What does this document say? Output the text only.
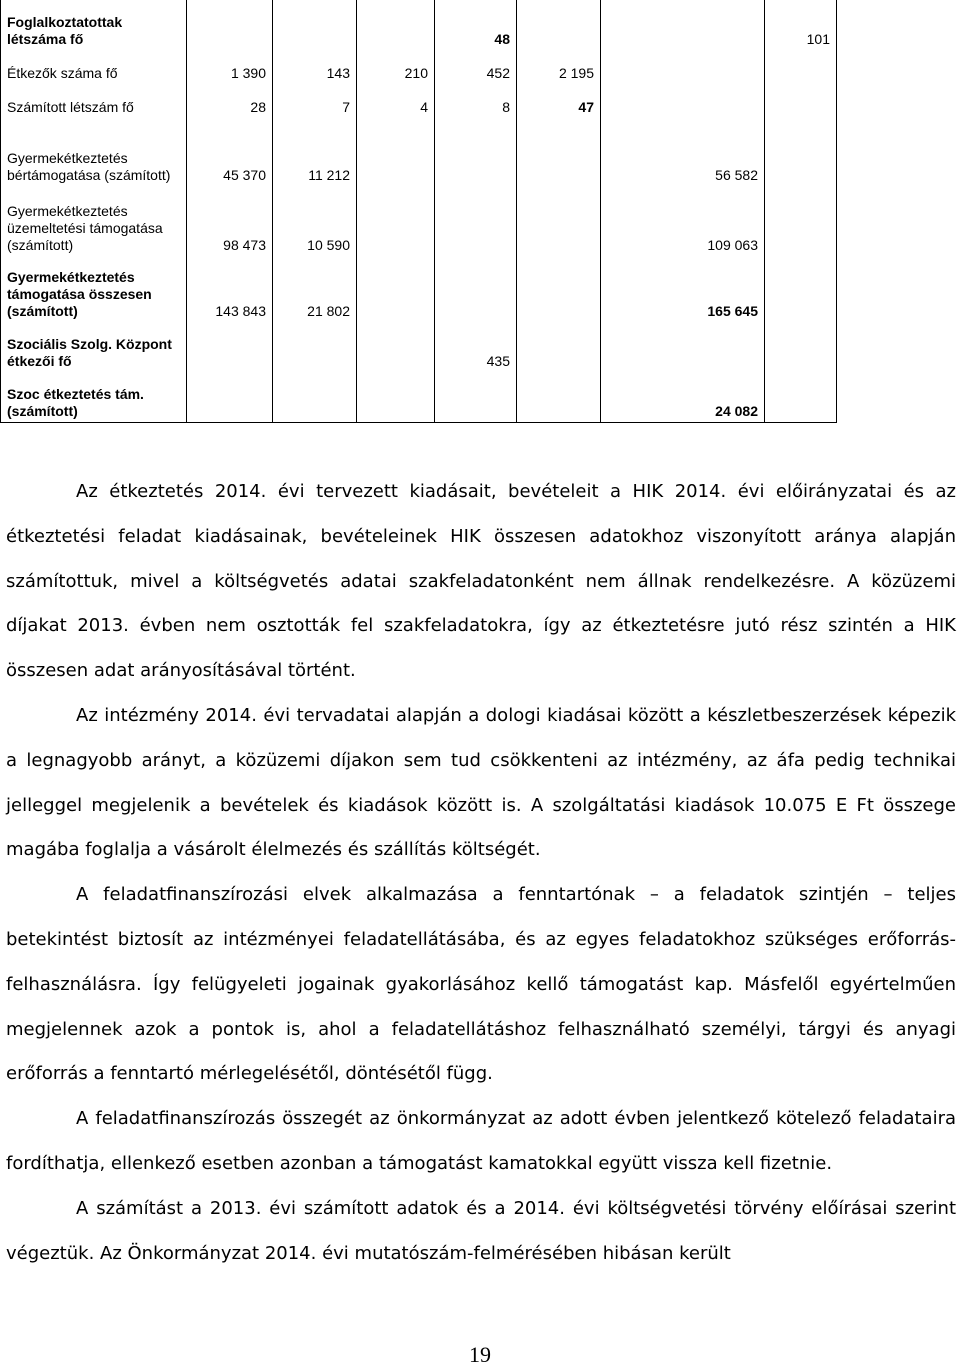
Foglalkoztatottak létszáma fő				48			101
Étkezők száma fő	1 390	143	210	452	2 195		
Számított létszám fő	28	7	4	8	47		
Gyermekétkeztetés bértámogatása (számított)	45 370	11 212				56 582	
Gyermekétkeztetés üzemeltetési támogatása (számított)	98 473	10 590				109 063	
Gyermekétkeztetés támogatása összesen (számított)	143 843	21 802				165 645	
Szociális Szolg. Központ étkezői fő				435			
Szoc étkeztetés tám. (számított)						24 082	

Az étkeztetés 2014. évi tervezett kiadásait, bevételeit a HIK 2014. évi előirányzatai és az étkeztetési feladat kiadásainak, bevételeinek HIK összesen adatokhoz viszonyított aránya alapján számítottuk, mivel a költségvetés adatai szakfeladatonként nem állnak rendelkezésre. A közüzemi díjakat 2013. évben nem osztották fel szakfeladatokra, így az étkeztetésre jutó rész szintén a HIK összesen adat arányosításával történt.

Az intézmény 2014. évi tervadatai alapján a dologi kiadásai között a készletbeszerzések képezik a legnagyobb arányt, a közüzemi díjakon sem tud csökkenteni az intézmény, az áfa pedig technikai jelleggel megjelenik a bevételek és kiadások között is. A szolgáltatási kiadások 10.075 E Ft összege magába foglalja a vásárolt élelmezés és szállítás költségét.

A feladatfinanszírozási elvek alkalmazása a fenntartónak – a feladatok szintjén – teljes betekintést biztosít az intézményei feladatellátásába, és az egyes feladatokhoz szükséges erőforrás-felhasználásra. Így felügyeleti jogainak gyakorlásához kellő támogatást kap. Másfelől egyértelműen megjelennek azok a pontok is, ahol a feladatellátáshoz felhasználható személyi, tárgyi és anyagi erőforrás a fenntartó mérlegelésétől, döntésétől függ.

A feladatfinanszírozás összegét az önkormányzat az adott évben jelentkező kötelező feladataira fordíthatja, ellenkező esetben azonban a támogatást kamatokkal együtt vissza kell fizetnie.

A számítást a 2013. évi számított adatok és a 2014. évi költségvetési törvény előírásai szerint végeztük. Az Önkormányzat 2014. évi mutatószám-felmérésében hibásan került

19
